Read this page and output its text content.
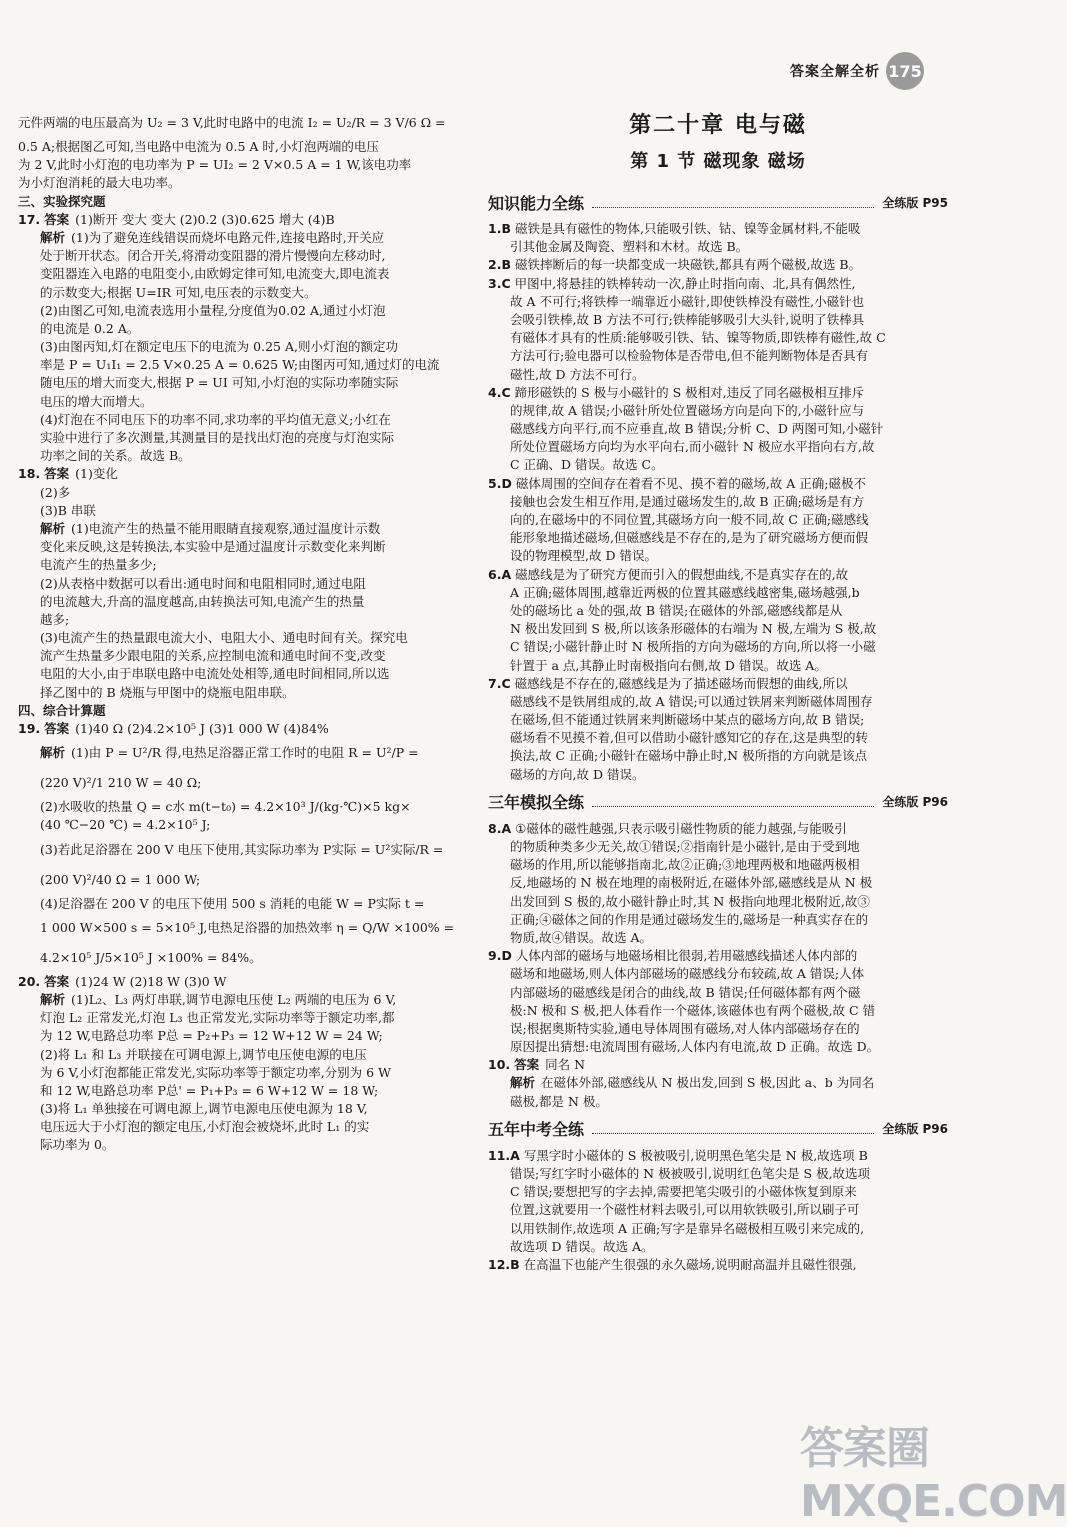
答案全解全析 175
元件两端的电压最高为 U₂ = 3 V,此时电路中的电流 I₂ = U₂/R = 3 V/6 Ω =
0.5 A;根据图乙可知,当电路中电流为 0.5 A 时,小灯泡两端的电压
为 2 V,此时小灯泡的电功率为 P = UI₂ = 2 V×0.5 A = 1 W,该电功率
为小灯泡消耗的最大电功率。
三、实验探究题
17. 答案 (1)断开 变大 变大 (2)0.2 (3)0.625 增大 (4)B
解析 (1)为了避免连线错误而烧坏电路元件,连接电路时,开关应
处于断开状态。闭合开关,将滑动变阻器的滑片慢慢向左移动时,
变阻器连入电路的电阻变小,由欧姆定律可知,电流变大,即电流表
的示数变大;根据 U=IR 可知,电压表的示数变大。
(2)由图乙可知,电流表选用小量程,分度值为0.02 A,通过小灯泡
的电流是 0.2 A。
(3)由图丙知,灯在额定电压下的电流为 0.25 A,则小灯泡的额定功
率是 P = U₁I₁ = 2.5 V×0.25 A = 0.625 W;由图丙可知,通过灯的电流
随电压的增大而变大,根据 P = UI 可知,小灯泡的实际功率随实际
电压的增大而增大。
(4)灯泡在不同电压下的功率不同,求功率的平均值无意义;小红在
实验中进行了多次测量,其测量目的是找出灯泡的亮度与灯泡实际
功率之间的关系。故选 B。
18. 答案 (1)变化
(2)多
(3)B 串联
解析 (1)电流产生的热量不能用眼睛直接观察,通过温度计示数
变化来反映,这是转换法,本实验中是通过温度计示数变化来判断
电流产生的热量多少;
(2)从表格中数据可以看出:通电时间和电阻相同时,通过电阻
的电流越大,升高的温度越高,由转换法可知,电流产生的热量
越多;
(3)电流产生的热量跟电流大小、电阻大小、通电时间有关。探究电
流产生热量多少跟电阻的关系,应控制电流和通电时间不变,改变
电阻的大小,由于串联电路中电流处处相等,通电时间相同,所以选
择乙图中的 B 烧瓶与甲图中的烧瓶电阻串联。
四、综合计算题
19. 答案 (1)40 Ω (2)4.2×10⁵ J (3)1 000 W (4)84%
解析 (1)由 P = U²/R 得,电热足浴器正常工作时的电阻 R = U²/P =
(220 V)²/1 210 W = 40 Ω;
(2)水吸收的热量 Q = c水 m(t−t₀) = 4.2×10³ J/(kg·℃)×5 kg×
(40 ℃−20 ℃) = 4.2×10⁵ J;
(3)若此足浴器在 200 V 电压下使用,其实际功率为 P实际 = U²实际/R =
(200 V)²/40 Ω = 1 000 W;
(4)足浴器在 200 V 的电压下使用 500 s 消耗的电能 W = P实际 t =
1 000 W×500 s = 5×10⁵ J,电热足浴器的加热效率 η = Q/W ×100% =
4.2×10⁵ J/5×10⁵ J ×100% = 84%。
20. 答案 (1)24 W (2)18 W (3)0 W
解析 (1)L₂、L₃ 两灯串联,调节电源电压使 L₂ 两端的电压为 6 V,
灯泡 L₂ 正常发光,灯泡 L₃ 也正常发光,实际功率等于额定功率,都
为 12 W,电路总功率 P总 = P₂+P₃ = 12 W+12 W = 24 W;
(2)将 L₁ 和 L₃ 并联接在可调电源上,调节电压使电源的电压
为 6 V,小灯泡都能正常发光,实际功率等于额定功率,分别为 6 W
和 12 W,电路总功率 P总' = P₁+P₃ = 6 W+12 W = 18 W;
(3)将 L₁ 单独接在可调电源上,调节电源电压使电源为 18 V,
电压远大于小灯泡的额定电压,小灯泡会被烧坏,此时 L₁ 的实
际功率为 0。
第二十章 电与磁
第 1 节 磁现象 磁场
知识能力全练	全练版 P95
1.B 磁铁是具有磁性的物体,只能吸引铁、钴、镍等金属材料,不能吸
引其他金属及陶瓷、塑料和木材。故选 B。
2.B 磁铁摔断后的每一块都变成一块磁铁,都具有两个磁极,故选 B。
3.C 甲图中,将悬挂的铁棒转动一次,静止时指向南、北,具有偶然性,
故 A 不可行;将铁棒一端靠近小磁针,即使铁棒没有磁性,小磁针也
会吸引铁棒,故 B 方法不可行;铁棒能够吸引大头针,说明了铁棒具
有磁体才具有的性质:能够吸引铁、钴、镍等物质,即铁棒有磁性,故 C
方法可行;验电器可以检验物体是否带电,但不能判断物体是否具有
磁性,故 D 方法不可行。
4.C 蹄形磁铁的 S 极与小磁针的 S 极相对,违反了同名磁极相互排斥
的规律,故 A 错误;小磁针所处位置磁场方向是向下的,小磁针应与
磁感线方向平行,而不应垂直,故 B 错误;分析 C、D 两图可知,小磁针
所处位置磁场方向均为水平向右,而小磁针 N 极应水平指向右方,故
C 正确、D 错误。故选 C。
5.D 磁体周围的空间存在着看不见、摸不着的磁场,故 A 正确;磁极不
接触也会发生相互作用,是通过磁场发生的,故 B 正确;磁场是有方
向的,在磁场中的不同位置,其磁场方向一般不同,故 C 正确;磁感线
能形象地描述磁场,但磁感线是不存在的,是为了研究磁场方便而假
设的物理模型,故 D 错误。
6.A 磁感线是为了研究方便而引入的假想曲线,不是真实存在的,故
A 正确;磁体周围,越靠近两极的位置其磁感线越密集,磁场越强,b
处的磁场比 a 处的强,故 B 错误;在磁体的外部,磁感线都是从
N 极出发回到 S 极,所以该条形磁体的右端为 N 极,左端为 S 极,故
C 错误;小磁针静止时 N 极所指的方向为磁场的方向,所以将一小磁
针置于 a 点,其静止时南极指向右侧,故 D 错误。故选 A。
7.C 磁感线是不存在的,磁感线是为了描述磁场而假想的曲线,所以
磁感线不是铁屑组成的,故 A 错误;可以通过铁屑来判断磁体周围存
在磁场,但不能通过铁屑来判断磁场中某点的磁场方向,故 B 错误;
磁场看不见摸不着,但可以借助小磁针感知它的存在,这是典型的转
换法,故 C 正确;小磁针在磁场中静止时,N 极所指的方向就是该点
磁场的方向,故 D 错误。
三年模拟全练	全练版 P96
8.A ①磁体的磁性越强,只表示吸引磁性物质的能力越强,与能吸引
的物质种类多少无关,故①错误;②指南针是小磁针,是由于受到地
磁场的作用,所以能够指南北,故②正确;③地理两极和地磁两极相
反,地磁场的 N 极在地理的南极附近,在磁体外部,磁感线是从 N 极
出发回到 S 极的,故小磁针静止时,其 N 极指向地理北极附近,故③
正确;④磁体之间的作用是通过磁场发生的,磁场是一种真实存在的
物质,故④错误。故选 A。
9.D 人体内部的磁场与地磁场相比很弱,若用磁感线描述人体内部的
磁场和地磁场,则人体内部磁场的磁感线分布较疏,故 A 错误;人体
内部磁场的磁感线是闭合的曲线,故 B 错误;任何磁体都有两个磁
极:N 极和 S 极,把人体看作一个磁体,该磁体也有两个磁极,故 C 错
误;根据奥斯特实验,通电导体周围有磁场,对人体内部磁场存在的
原因提出猜想:电流周围有磁场,人体内有电流,故 D 正确。故选 D。
10. 答案 同名 N
解析 在磁体外部,磁感线从 N 极出发,回到 S 极,因此 a、b 为同名
磁极,都是 N 极。
五年中考全练	全练版 P96
11.A 写黑字时小磁体的 S 极被吸引,说明黑色笔尖是 N 极,故选项 B
错误;写红字时小磁体的 N 极被吸引,说明红色笔尖是 S 极,故选项
C 错误;要想把写的字去掉,需要把笔尖吸引的小磁体恢复到原来
位置,这就要用一个磁性材料去吸引,可以用软铁吸引,所以刷子可
以用铁制作,故选项 A 正确;写字是靠异名磁极相互吸引来完成的,
故选项 D 错误。故选 A。
12.B 在高温下也能产生很强的永久磁场,说明耐高温并且磁性很强,
答案圈 MXQE.COM
